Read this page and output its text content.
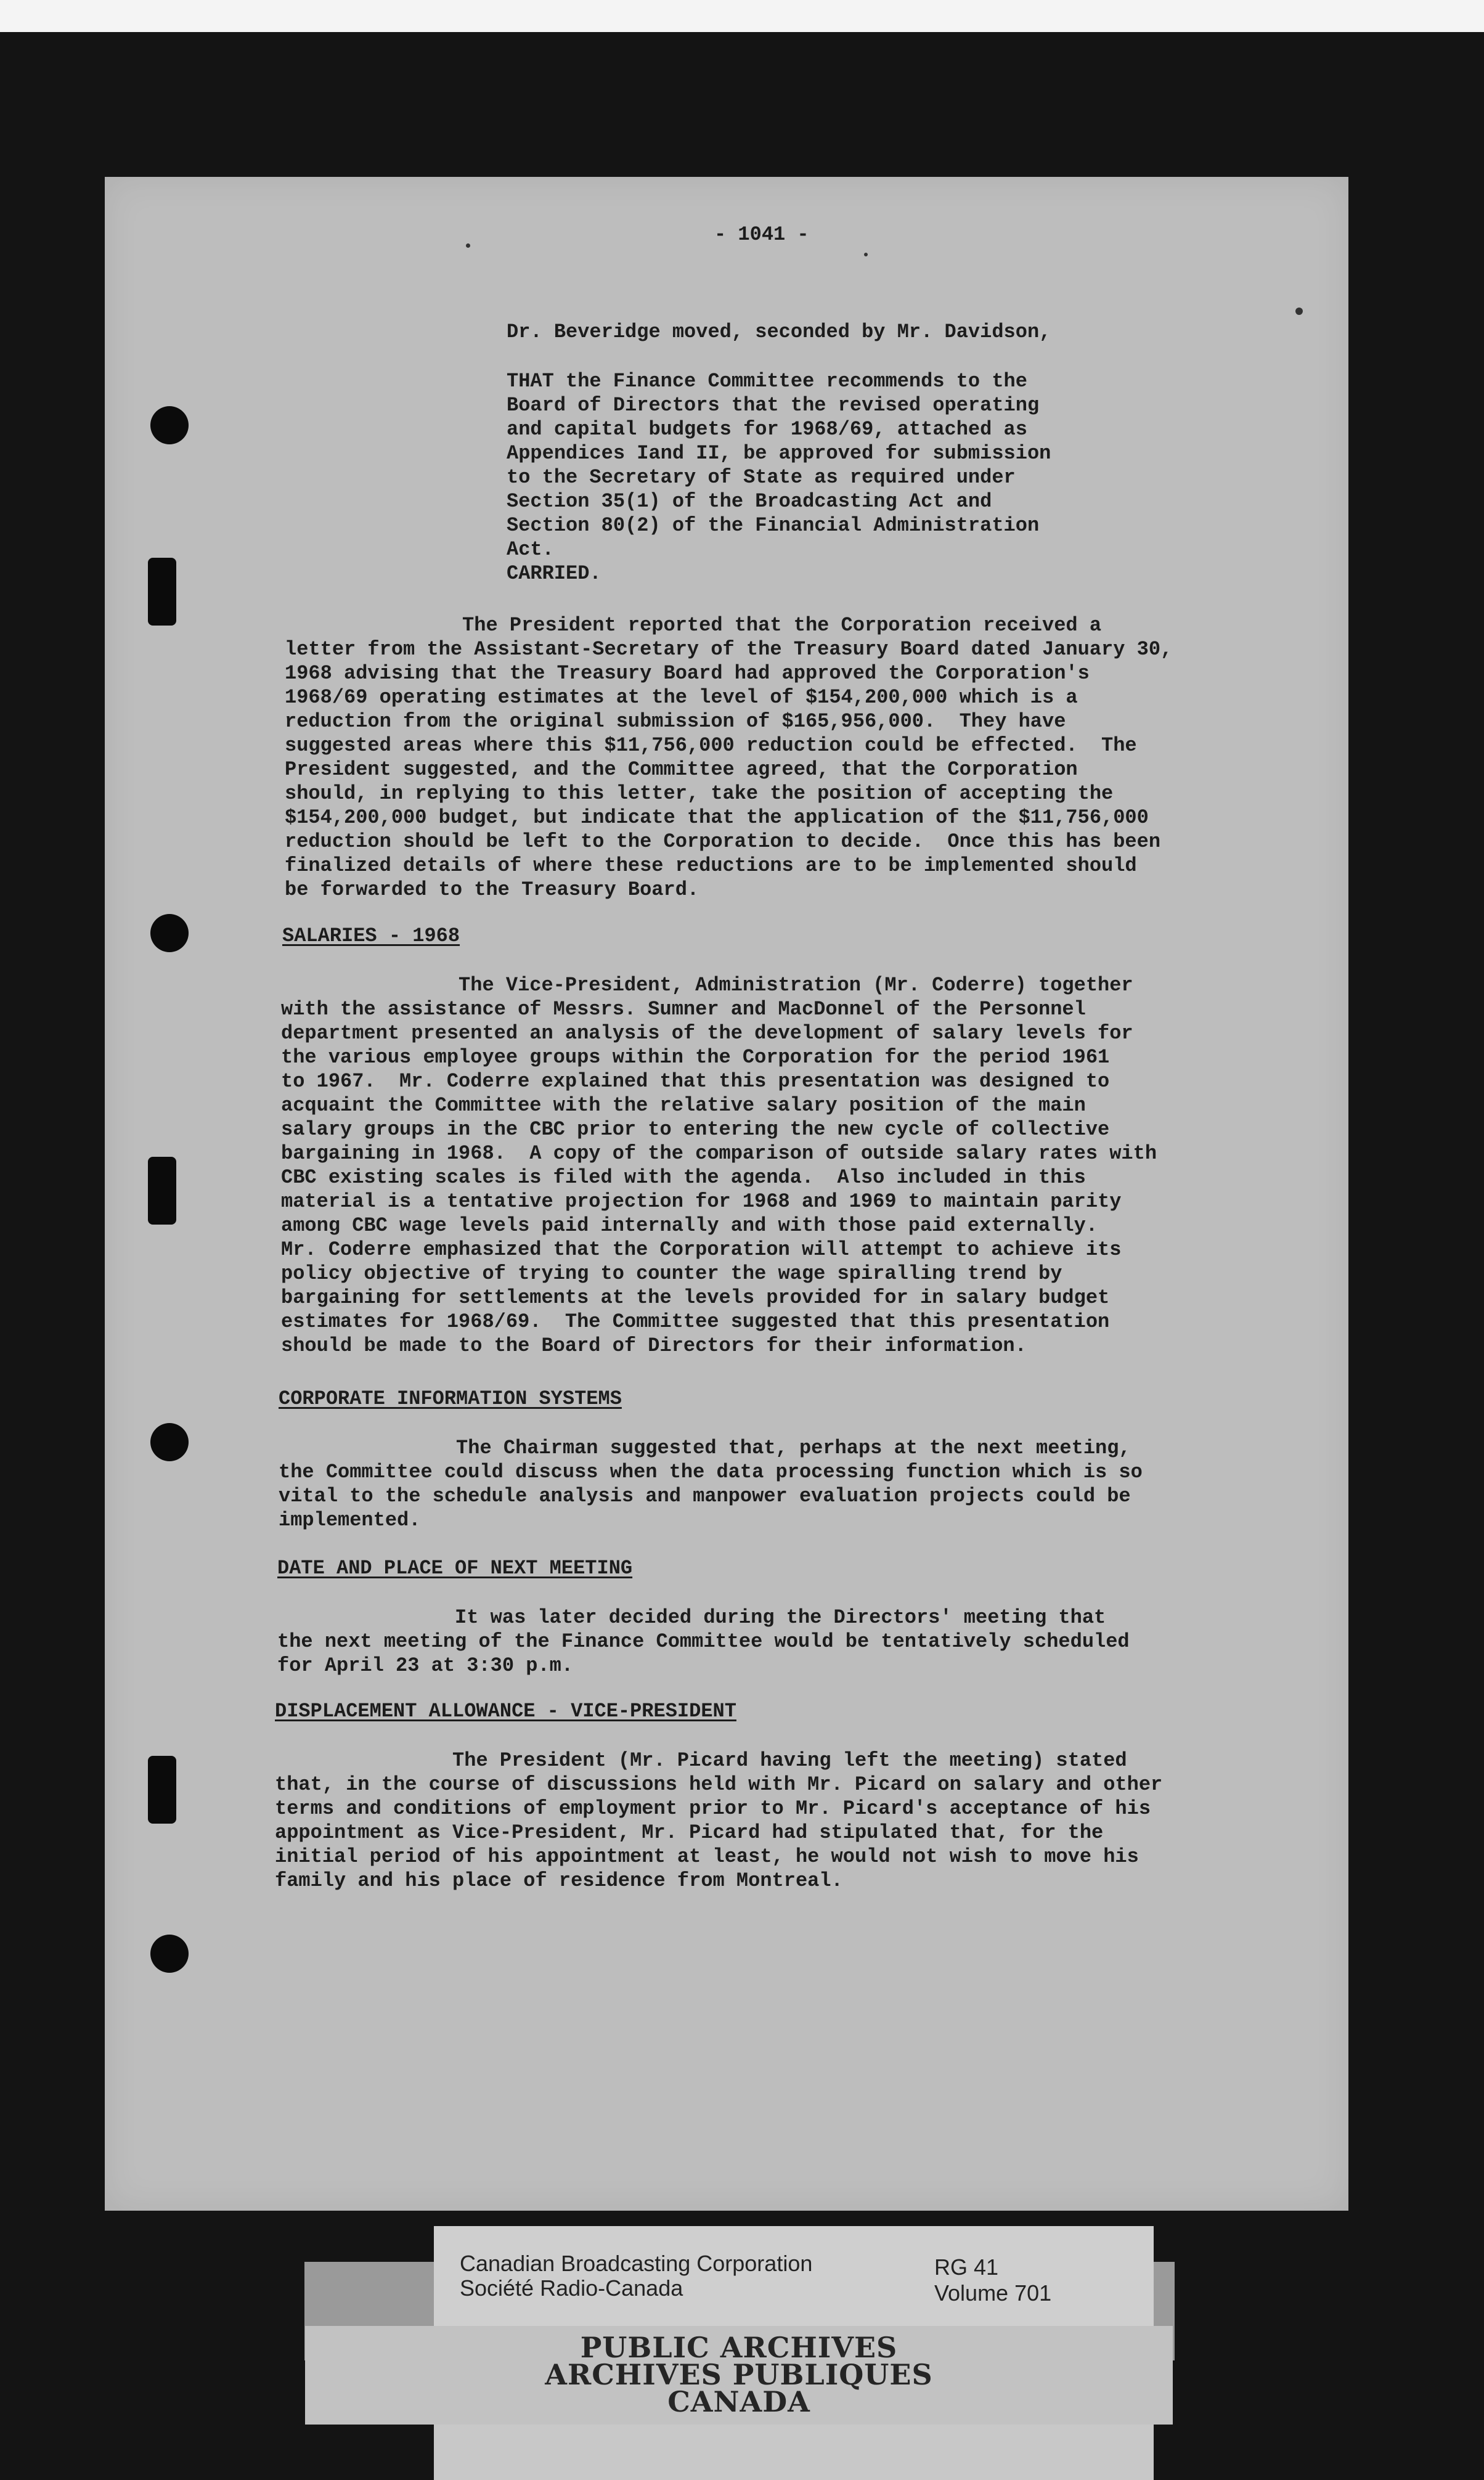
- 1041 -

Dr. Beveridge moved, seconded by Mr. Davidson,

THAT the Finance Committee recommends to the
Board of Directors that the revised operating
and capital budgets for 1968/69, attached as
Appendices Iand II, be approved for submission
to the Secretary of State as required under
Section 35(1) of the Broadcasting Act and
Section 80(2) of the Financial Administration
Act.
CARRIED.

The President reported that the Corporation received a
letter from the Assistant-Secretary of the Treasury Board dated January 30,
1968 advising that the Treasury Board had approved the Corporation's
1968/69 operating estimates at the level of $154,200,000 which is a
reduction from the original submission of $165,956,000.  They have
suggested areas where this $11,756,000 reduction could be effected.  The
President suggested, and the Committee agreed, that the Corporation
should, in replying to this letter, take the position of accepting the
$154,200,000 budget, but indicate that the application of the $11,756,000
reduction should be left to the Corporation to decide.  Once this has been
finalized details of where these reductions are to be implemented should
be forwarded to the Treasury Board.

SALARIES - 1968

The Vice-President, Administration (Mr. Coderre) together
with the assistance of Messrs. Sumner and MacDonnel of the Personnel
department presented an analysis of the development of salary levels for
the various employee groups within the Corporation for the period 1961
to 1967.  Mr. Coderre explained that this presentation was designed to
acquaint the Committee with the relative salary position of the main
salary groups in the CBC prior to entering the new cycle of collective
bargaining in 1968.  A copy of the comparison of outside salary rates with
CBC existing scales is filed with the agenda.  Also included in this
material is a tentative projection for 1968 and 1969 to maintain parity
among CBC wage levels paid internally and with those paid externally.
Mr. Coderre emphasized that the Corporation will attempt to achieve its
policy objective of trying to counter the wage spiralling trend by
bargaining for settlements at the levels provided for in salary budget
estimates for 1968/69.  The Committee suggested that this presentation
should be made to the Board of Directors for their information.

CORPORATE INFORMATION SYSTEMS

The Chairman suggested that, perhaps at the next meeting,
the Committee could discuss when the data processing function which is so
vital to the schedule analysis and manpower evaluation projects could be
implemented.

DATE AND PLACE OF NEXT MEETING

It was later decided during the Directors' meeting that
the next meeting of the Finance Committee would be tentatively scheduled
for April 23 at 3:30 p.m.

DISPLACEMENT ALLOWANCE - VICE-PRESIDENT

The President (Mr. Picard having left the meeting) stated
that, in the course of discussions held with Mr. Picard on salary and other
terms and conditions of employment prior to Mr. Picard's acceptance of his
appointment as Vice-President, Mr. Picard had stipulated that, for the
initial period of his appointment at least, he would not wish to move his
family and his place of residence from Montreal.

Canadian Broadcasting Corporation

Société Radio-Canada

RG 41

Volume 701

PUBLIC ARCHIVES

ARCHIVES PUBLIQUES

CANADA
